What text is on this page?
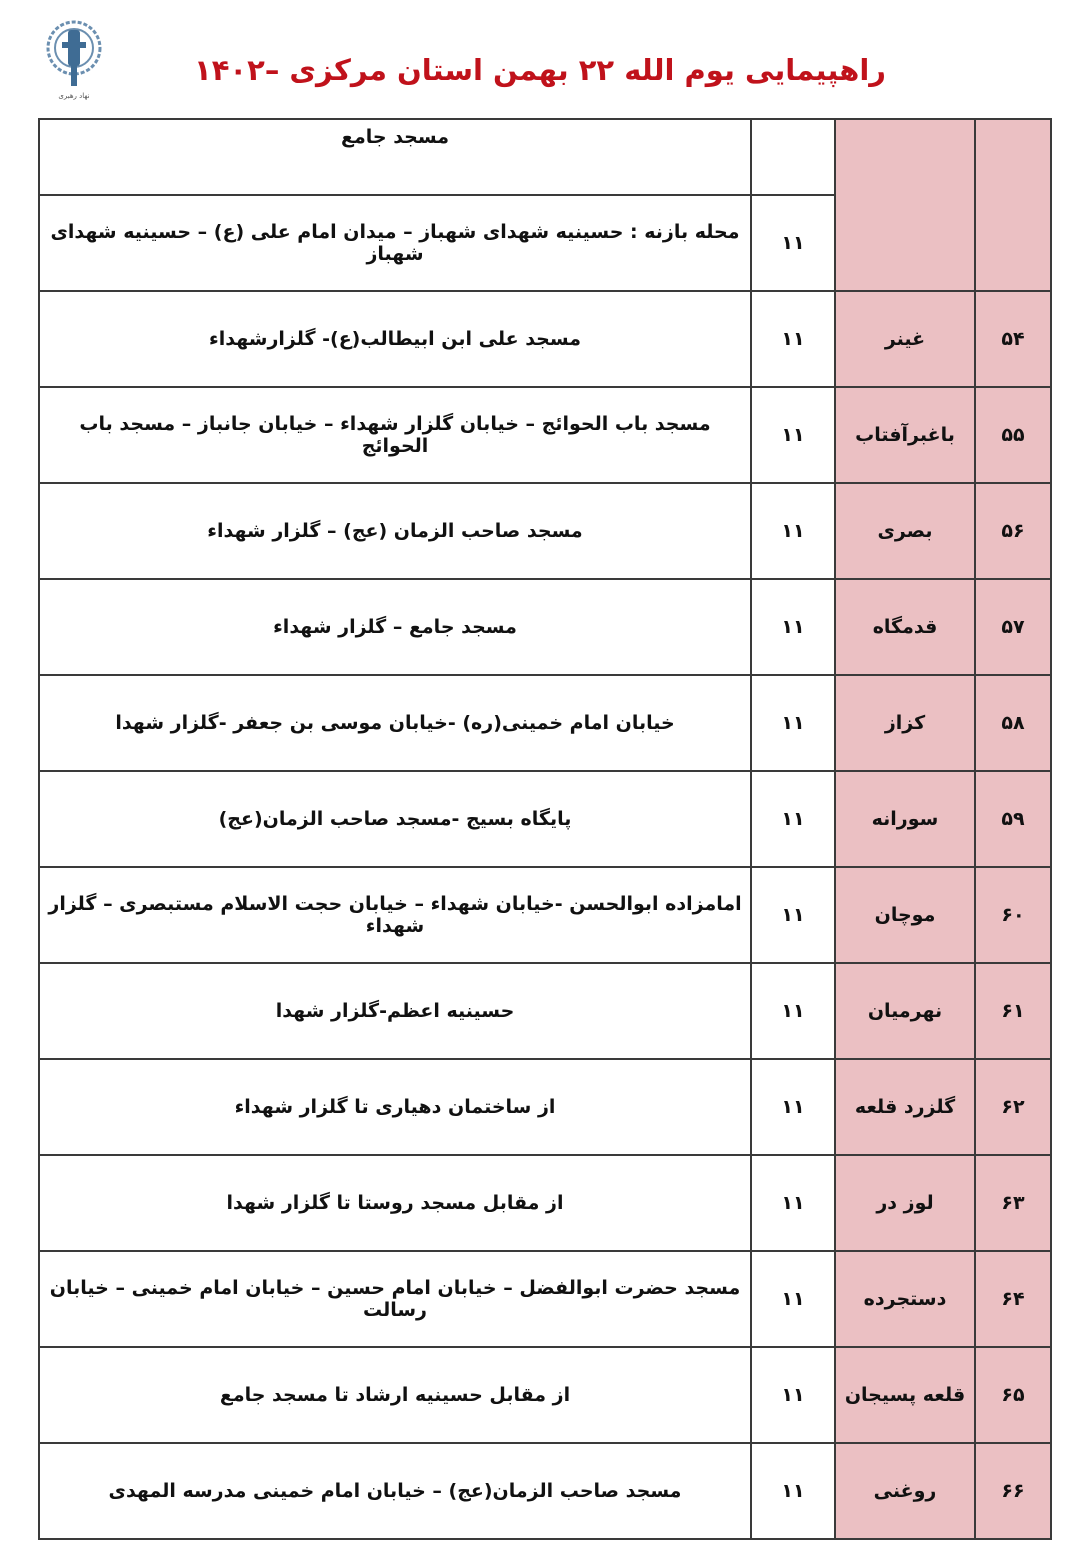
نهاد رهبری
راهپیمایی یوم الله ۲۲ بهمن استان مرکزی –۱۴۰۲
			مسجد جامع
		۱۱	محله بازنه : حسینیه شهدای شهباز – میدان امام علی (ع) – حسینیه شهدای شهباز
۵۴	غینر	۱۱	مسجد علی ابن ابیطالب(ع)- گلزارشهداء
۵۵	باغبرآفتاب	۱۱	مسجد باب الحوائج – خیابان گلزار شهداء – خیابان جانباز – مسجد باب الحوائج
۵۶	بصری	۱۱	مسجد صاحب الزمان (عج) – گلزار شهداء
۵۷	قدمگاه	۱۱	مسجد جامع – گلزار شهداء
۵۸	کزاز	۱۱	خیابان امام خمینی(ره) -خیابان موسی بن جعفر -گلزار شهدا
۵۹	سورانه	۱۱	پایگاه بسیج -مسجد صاحب الزمان(عج)
۶۰	موچان	۱۱	امامزاده ابوالحسن -خیابان شهداء – خیابان حجت الاسلام مستبصری – گلزار شهداء
۶۱	نهرمیان	۱۱	حسینیه اعظم-گلزار شهدا
۶۲	گلزرد قلعه	۱۱	از ساختمان دهیاری تا گلزار شهداء
۶۳	لوز در	۱۱	از مقابل مسجد روستا تا گلزار شهدا
۶۴	دستجرده	۱۱	مسجد حضرت ابوالفضل – خیابان امام حسین – خیابان امام خمینی – خیابان رسالت
۶۵	قلعه پسیجان	۱۱	از مقابل حسینیه ارشاد تا مسجد جامع
۶۶	روغنی	۱۱	مسجد صاحب الزمان(عج) – خیابان امام خمینی مدرسه المهدی
